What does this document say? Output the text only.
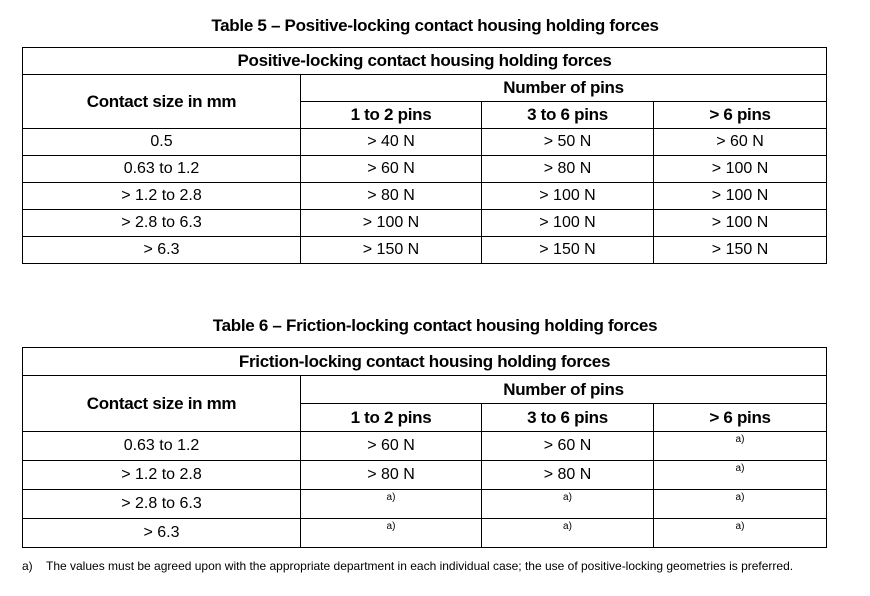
Table 5 – Positive-locking contact housing holding forces
Positive-locking contact housing holding forces			
Contact size in mm	Number of pins		
	1 to 2 pins	3 to 6 pins	> 6 pins
0.5	> 40 N	> 50 N	> 60 N
0.63 to 1.2	> 60 N	> 80 N	> 100 N
> 1.2 to 2.8	> 80 N	> 100 N	> 100 N
> 2.8 to 6.3	> 100 N	> 100 N	> 100 N
> 6.3	> 150 N	> 150 N	> 150 N
Table 6 – Friction-locking contact housing holding forces
Friction-locking contact housing holding forces			
Contact size in mm	Number of pins		
	1 to 2 pins	3 to 6 pins	> 6 pins
0.63 to 1.2	> 60 N	> 60 N	a)
> 1.2 to 2.8	> 80 N	> 80 N	a)
> 2.8 to 6.3	a)	a)	a)
> 6.3	a)	a)	a)
a) The values must be agreed upon with the appropriate department in each individual case; the use of positive-locking geometries is preferred.
